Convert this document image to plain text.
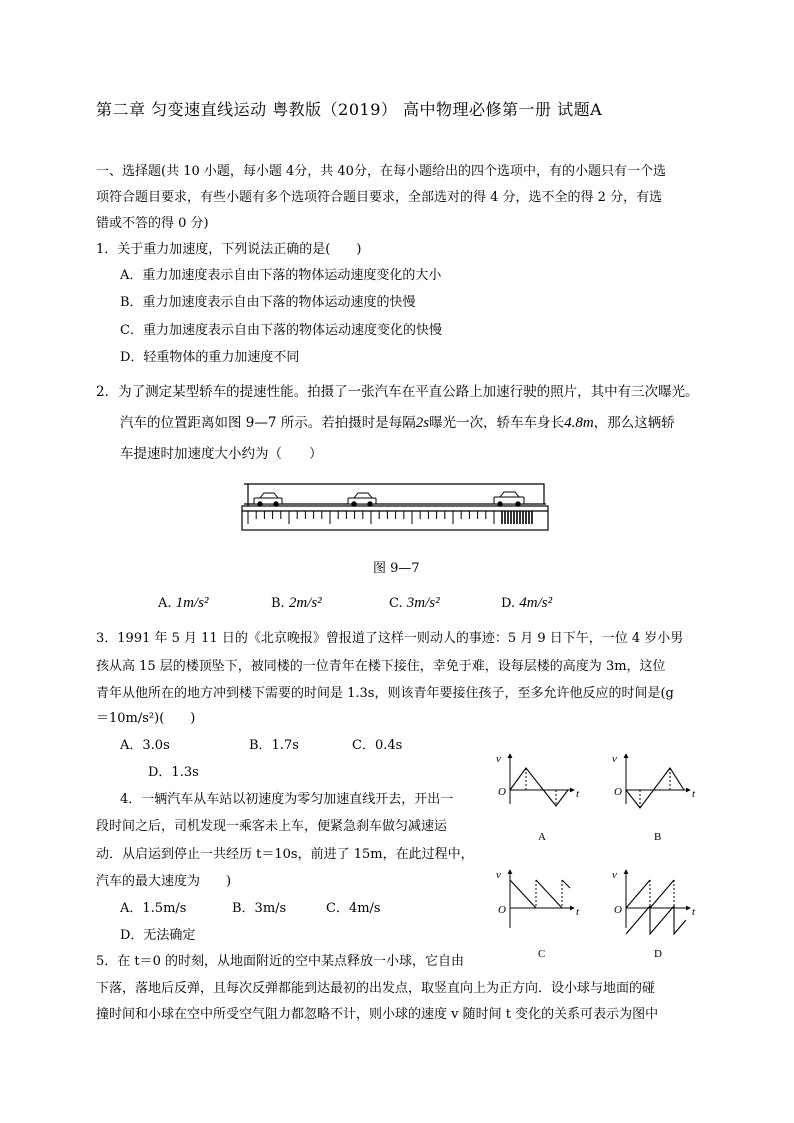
第二章 匀变速直线运动 粤教版（2019） 高中物理必修第一册 试题A
一、选择题(共 10 小题，每小题 4分，共 40分，在每小题给出的四个选项中，有的小题只有一个选
项符合题目要求，有些小题有多个选项符合题目要求，全部选对的得 4 分，选不全的得 2 分，有选
错或不答的得 0 分)
1．关于重力加速度，下列说法正确的是(　　)
A．重力加速度表示自由下落的物体运动速度变化的大小
B．重力加速度表示自由下落的物体运动速度的快慢
C．重力加速度表示自由下落的物体运动速度变化的快慢
D．轻重物体的重力加速度不同
2．为了测定某型轿车的提速性能。拍摄了一张汽车在平直公路上加速行驶的照片，其中有三次曝光。
汽车的位置距离如图 9—7 所示。若拍摄时是每隔2s曝光一次，轿车车身长4.8m，那么这辆轿
车提速时加速度大小约为（　　）
图 9—7
A. 1m/s²	B. 2m/s²	C. 3m/s²	D. 4m/s²
3．1991 年 5 月 11 日的《北京晚报》曾报道了这样一则动人的事迹：5 月 9 日下午，一位 4 岁小男
孩从高 15 层的楼顶坠下，被同楼的一位青年在楼下接住，幸免于难，设每层楼的高度为 3m，这位
青年从他所在的地方冲到楼下需要的时间是 1.3s，则该青年要接住孩子，至多允许他反应的时间是(g
＝10m/s²)(　　)
A．3.0s	B．1.7s	C．0.4s
D．1.3s
4．一辆汽车从车站以初速度为零匀加速直线开去，开出一
段时间之后，司机发现一乘客未上车，便紧急刹车做匀减速运
动．从启运到停止一共经历 t＝10s，前进了 15m，在此过程中，
汽车的最大速度为　　)
A．1.5m/s	B．3m/s	C．4m/s
D．无法确定
5．在 t＝0 的时刻，从地面附近的空中某点释放一小球，它自由
下落，落地后反弹，且每次反弹都能到达最初的出发点，取竖直向上为正方向．设小球与地面的碰
撞时间和小球在空中所受空气阻力都忽略不计，则小球的速度 v 随时间 t 变化的关系可表示为图中
v
O	t
A
v
O	t
B
v
O	t
C
v
O	t
D
